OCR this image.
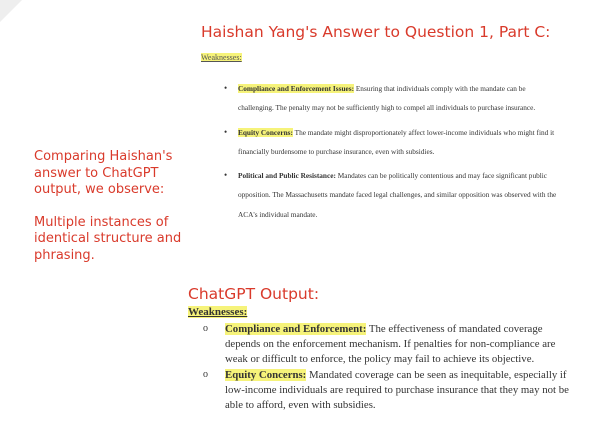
Haishan Yang's Answer to Question 1, Part C:

Comparing Haishan's answer to ChatGPT output, we observe:

Multiple instances of identical structure and phrasing.

Weaknesses:
• Compliance and Enforcement Issues: Ensuring that individuals comply with the mandate can be challenging. The penalty may not be sufficiently high to compel all individuals to purchase insurance.
• Equity Concerns: The mandate might disproportionately affect lower-income individuals who might find it financially burdensome to purchase insurance, even with subsidies.
• Political and Public Resistance: Mandates can be politically contentious and may face significant public opposition. The Massachusetts mandate faced legal challenges, and similar opposition was observed with the ACA's individual mandate.
ChatGPT Output:
Weaknesses:
o Compliance and Enforcement: The effectiveness of mandated coverage depends on the enforcement mechanism. If penalties for non-compliance are weak or difficult to enforce, the policy may fail to achieve its objective.
o Equity Concerns: Mandated coverage can be seen as inequitable, especially if low-income individuals are required to purchase insurance that they may not be able to afford, even with subsidies.
